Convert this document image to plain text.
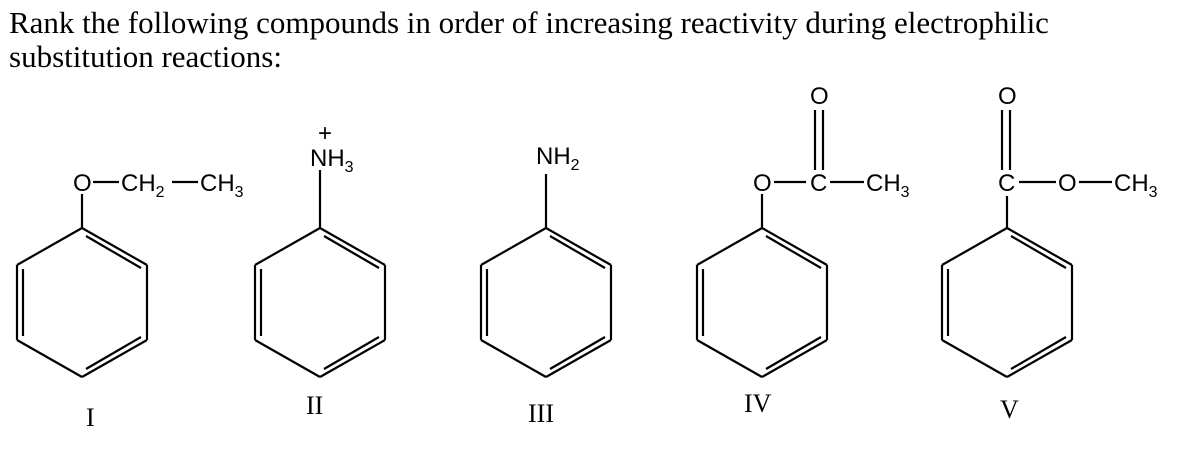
Rank the following compounds in order of increasing reactivity during electrophilic substitution reactions:
O $CH_2$ $CH_3$
I
+
$NH_3$
II
$NH_2$
III
O C
O
$CH_3$
IV
C
O
O $CH_3$
V
